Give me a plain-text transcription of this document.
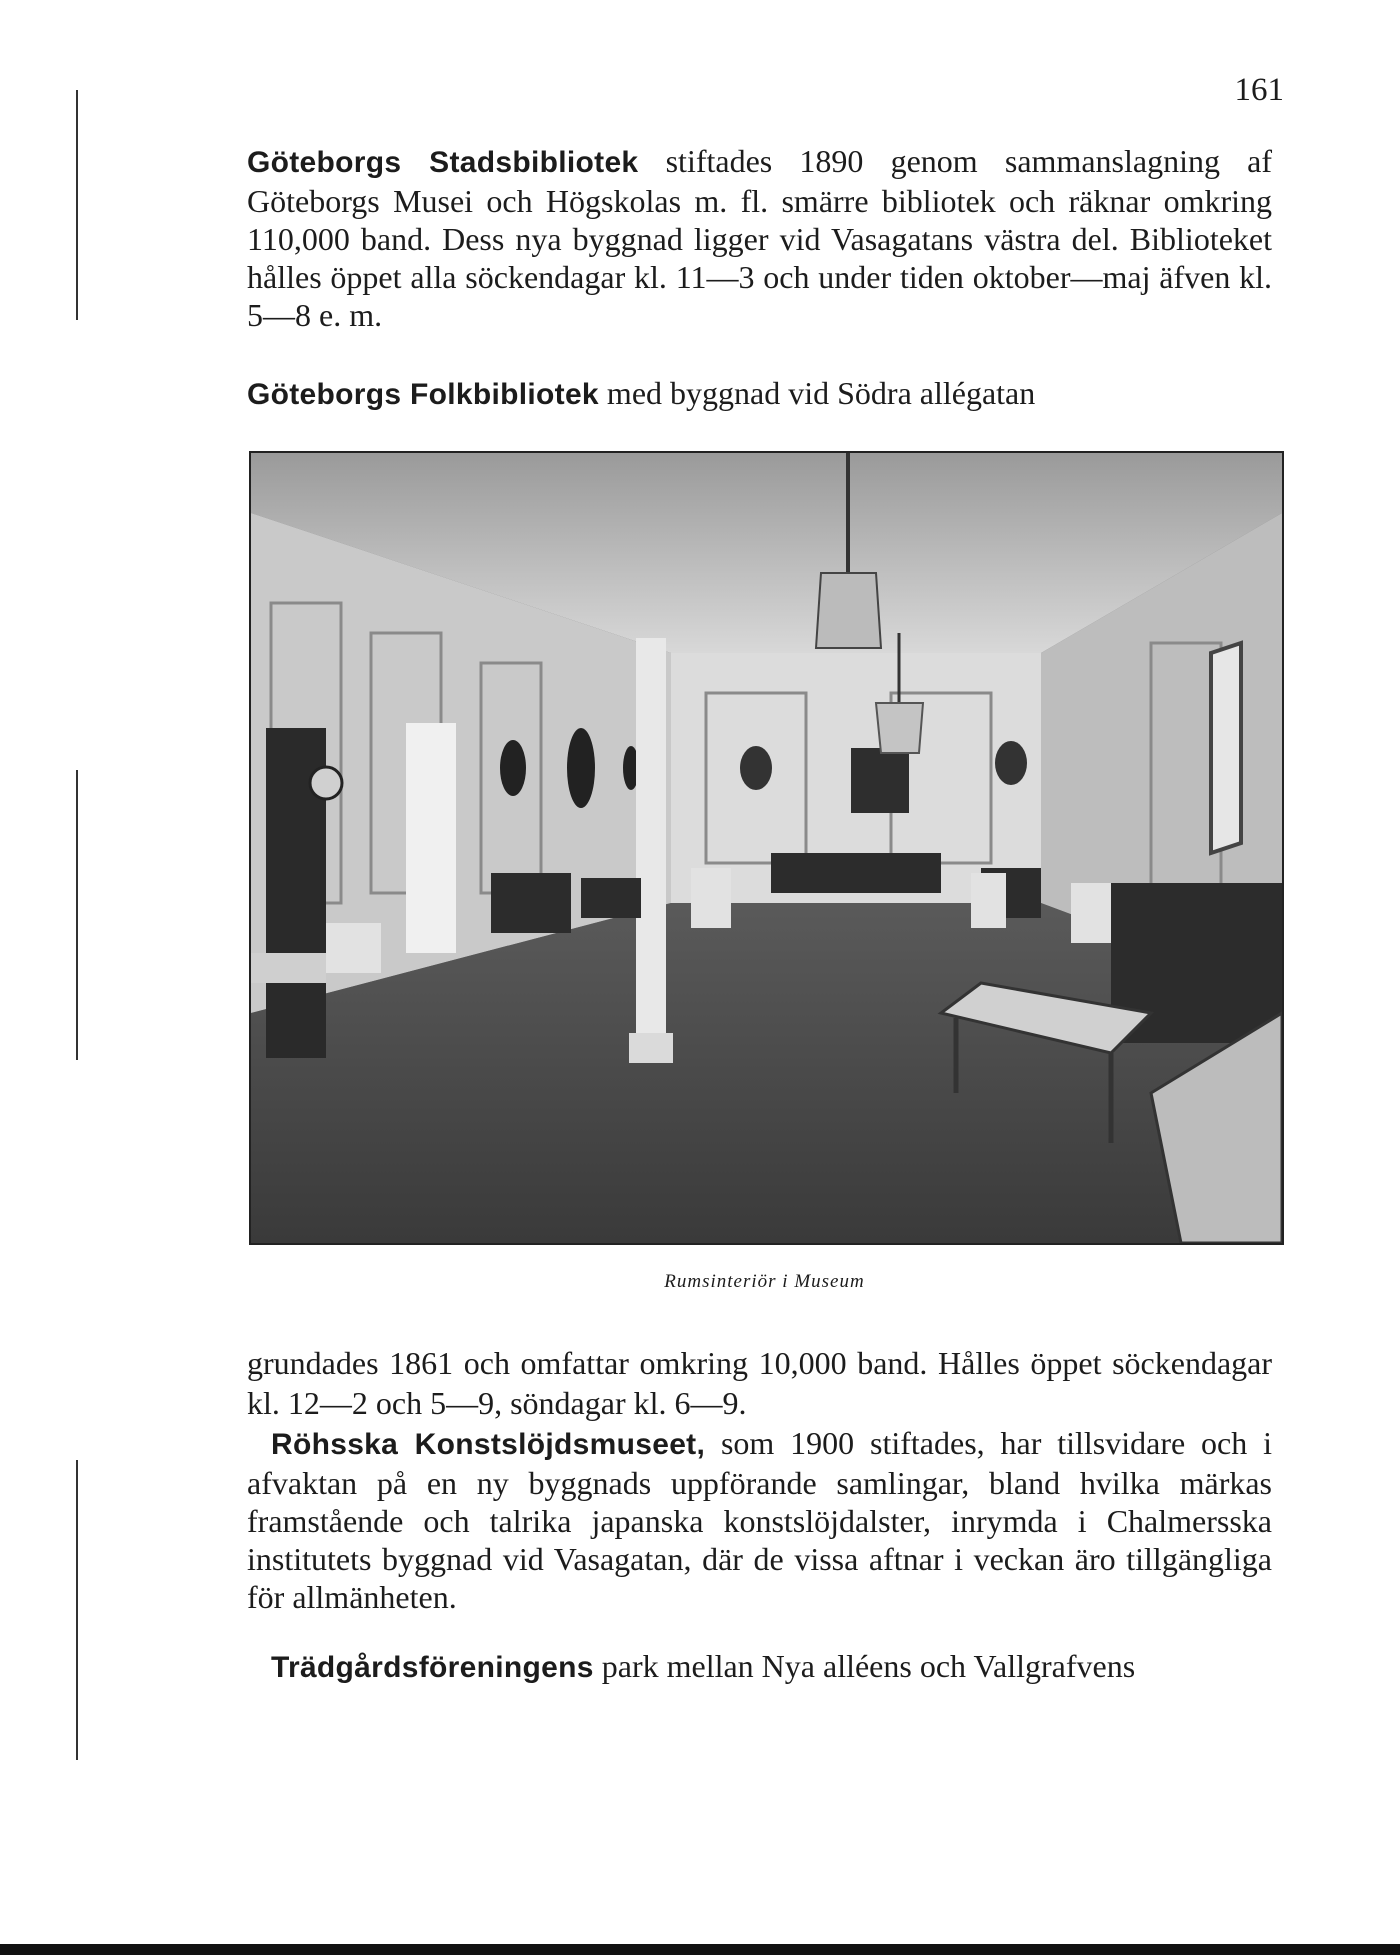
161

Göteborgs Stadsbibliotek stiftades 1890 genom sammanslagning af Göteborgs Musei och Högskolas m. fl. smärre bibliotek och räknar omkring 110,000 band. Dess nya byggnad ligger vid Vasagatans västra del. Biblioteket hålles öppet alla söckendagar kl. 11—3 och under tiden oktober—maj äfven kl. 5—8 e. m.

Göteborgs Folkbibliotek med byggnad vid Södra allégatan

Rumsinteriör i Museum

grundades 1861 och omfattar omkring 10,000 band. Hålles öppet söckendagar kl. 12—2 och 5—9, söndagar kl. 6—9.

Röhsska Konstslöjdsmuseet, som 1900 stiftades, har tillsvidare och i afvaktan på en ny byggnads uppförande samlingar, bland hvilka märkas framstående och talrika japanska konstslöjdalster, inrymda i Chalmersska institutets byggnad vid Vasagatan, där de vissa aftnar i veckan äro tillgängliga för allmänheten.

Trädgårdsföreningens park mellan Nya alléens och Vallgrafvens
